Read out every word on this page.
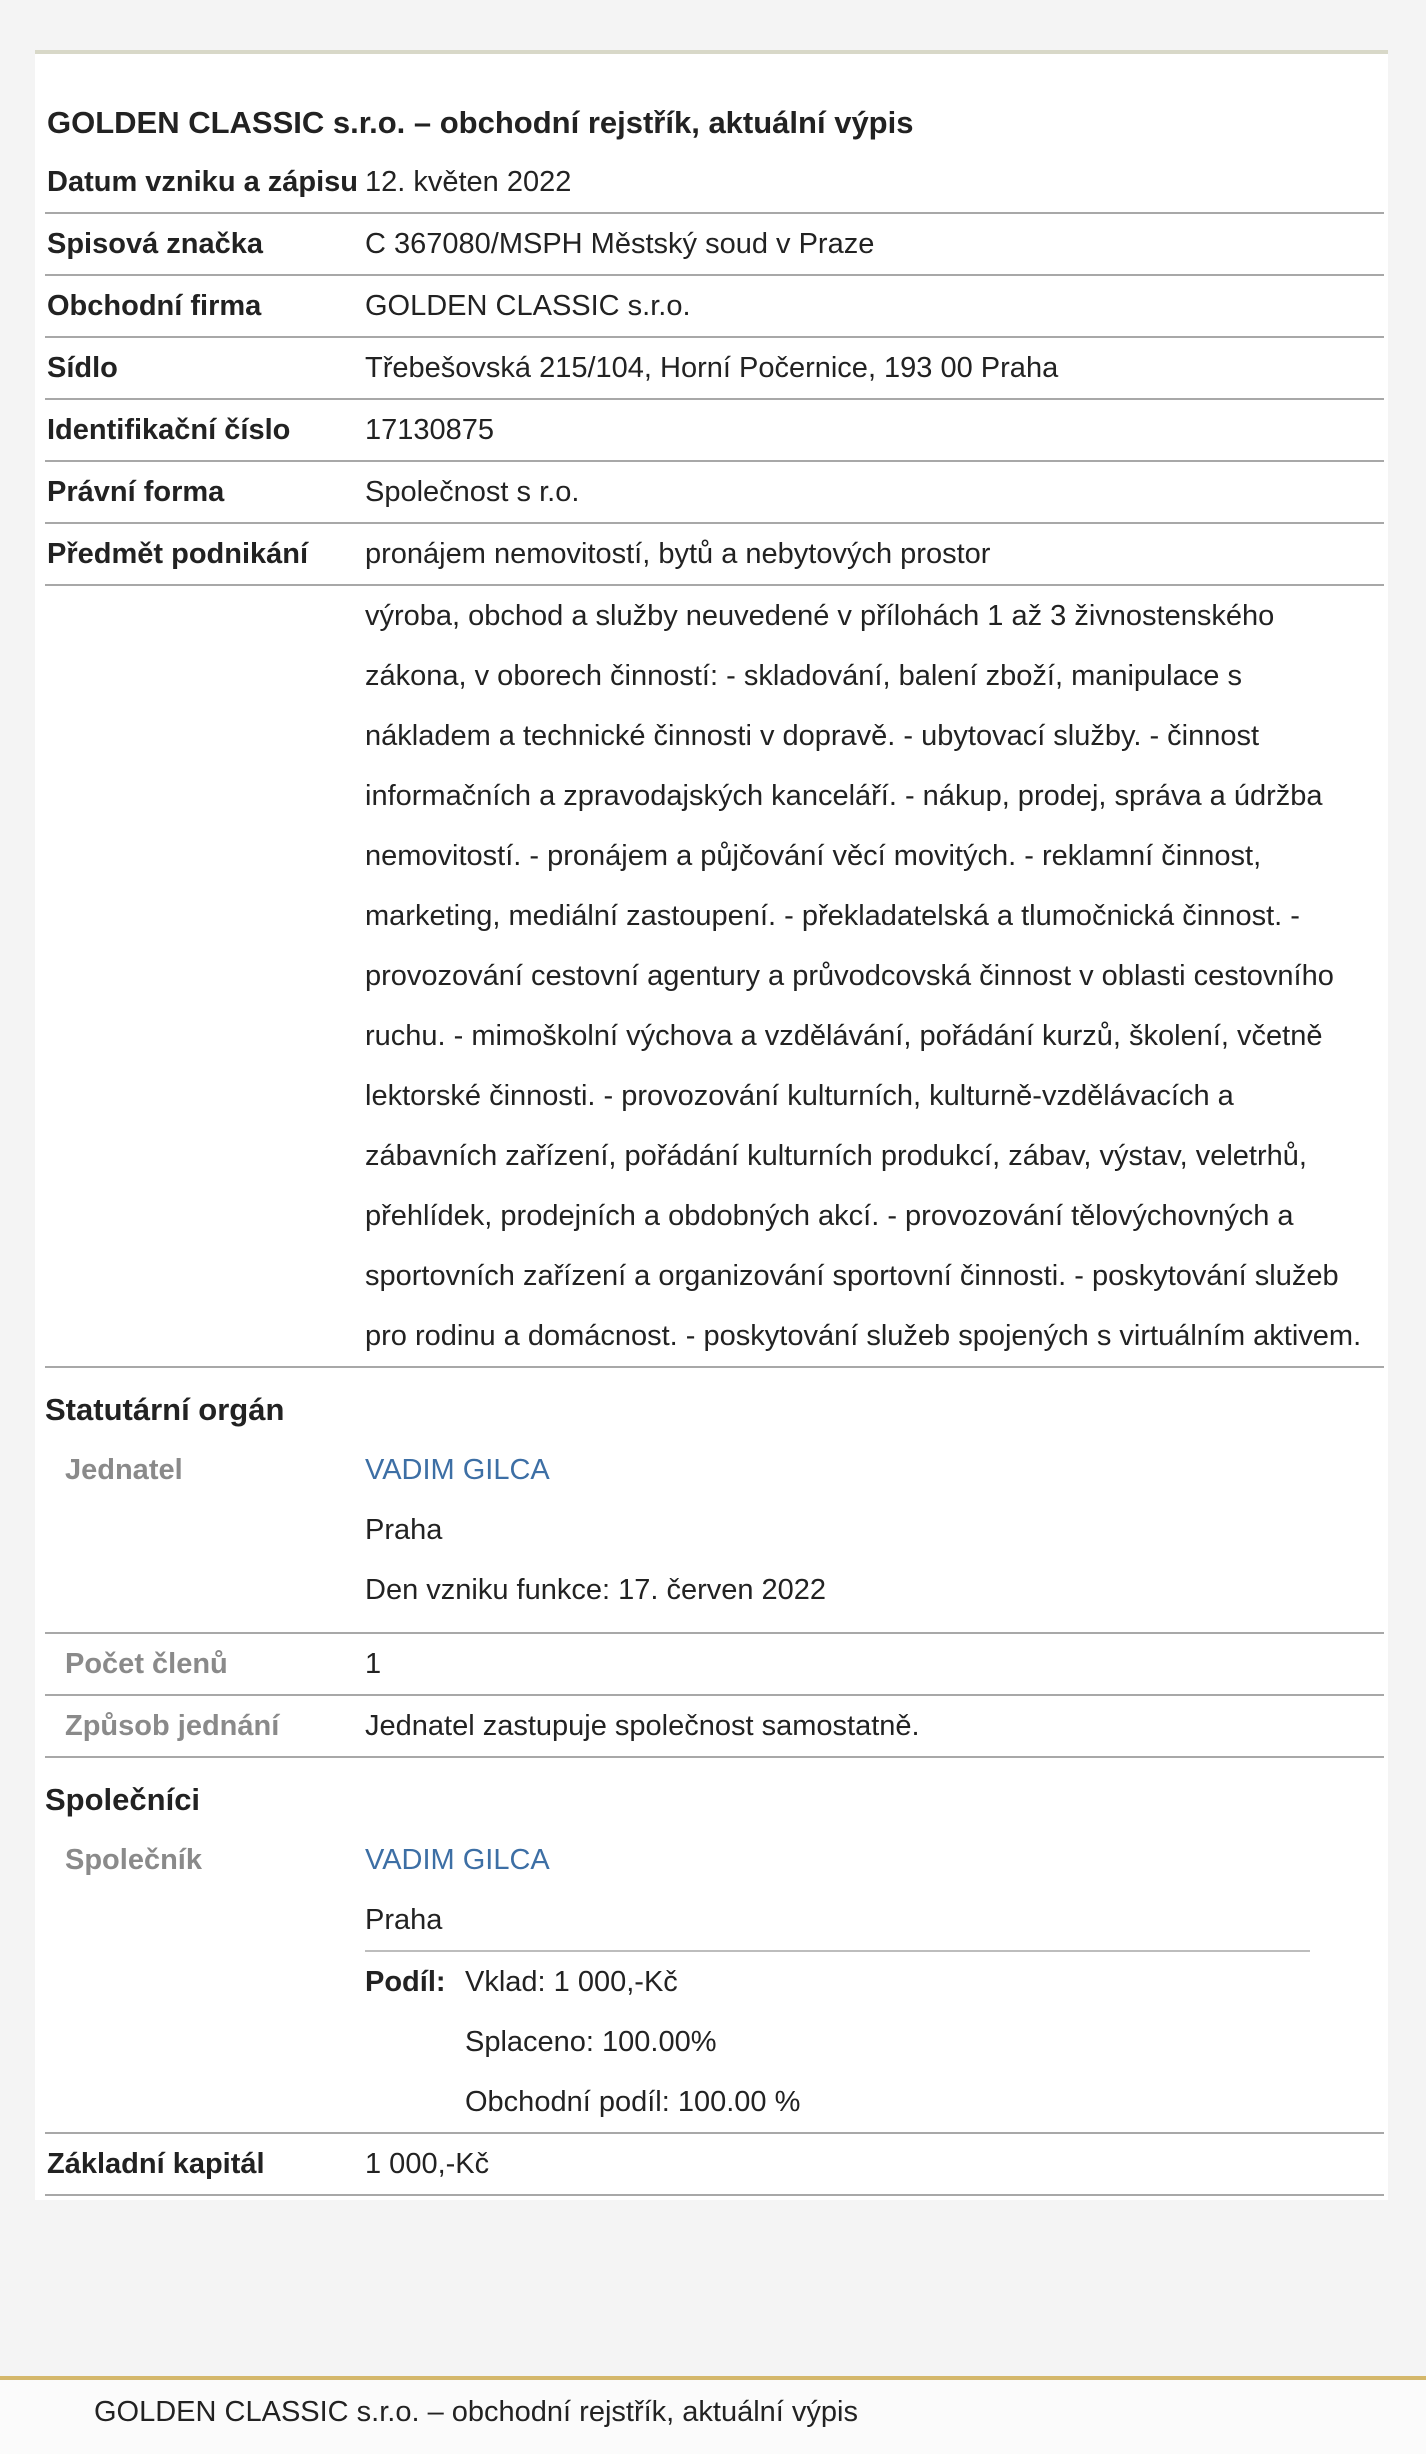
GOLDEN CLASSIC s.r.o. – obchodní rejstřík, aktuální výpis
Datum vzniku a zápisu 12. květen 2022
Spisová značka	C 367080/MSPH Městský soud v Praze
Obchodní firma	GOLDEN CLASSIC s.r.o.
Sídlo	Třebešovská 215/104, Horní Počernice, 193 00 Praha
Identifikační číslo	17130875
Právní forma	Společnost s r.o.
Předmět podnikání	pronájem nemovitostí, bytů a nebytových prostor
výroba, obchod a služby neuvedené v přílohách 1 až 3 živnostenského zákona, v oborech činností: - skladování, balení zboží, manipulace s nákladem a technické činnosti v dopravě. - ubytovací služby. - činnost informačních a zpravodajských kanceláří. - nákup, prodej, správa a údržba nemovitostí. - pronájem a půjčování věcí movitých. - reklamní činnost, marketing, mediální zastoupení. - překladatelská a tlumočnická činnost. - provozování cestovní agentury a průvodcovská činnost v oblasti cestovního ruchu. - mimoškolní výchova a vzdělávání, pořádání kurzů, školení, včetně lektorské činnosti. - provozování kulturních, kulturně-vzdělávacích a zábavních zařízení, pořádání kulturních produkcí, zábav, výstav, veletrhů, přehlídek, prodejních a obdobných akcí. - provozování tělovýchovných a sportovních zařízení a organizování sportovní činnosti. - poskytování služeb pro rodinu a domácnost. - poskytování služeb spojených s virtuálním aktivem.
Statutární orgán
Jednatel	VADIM GILCA
Praha
Den vzniku funkce: 17. červen 2022
Počet členů	1
Způsob jednání	Jednatel zastupuje společnost samostatně.
Společníci
Společník	VADIM GILCA
Praha
Podíl: Vklad: 1 000,-Kč
Splaceno: 100.00%
Obchodní podíl: 100.00 %
Základní kapitál	1 000,-Kč
GOLDEN CLASSIC s.r.o. – obchodní rejstřík, aktuální výpis
